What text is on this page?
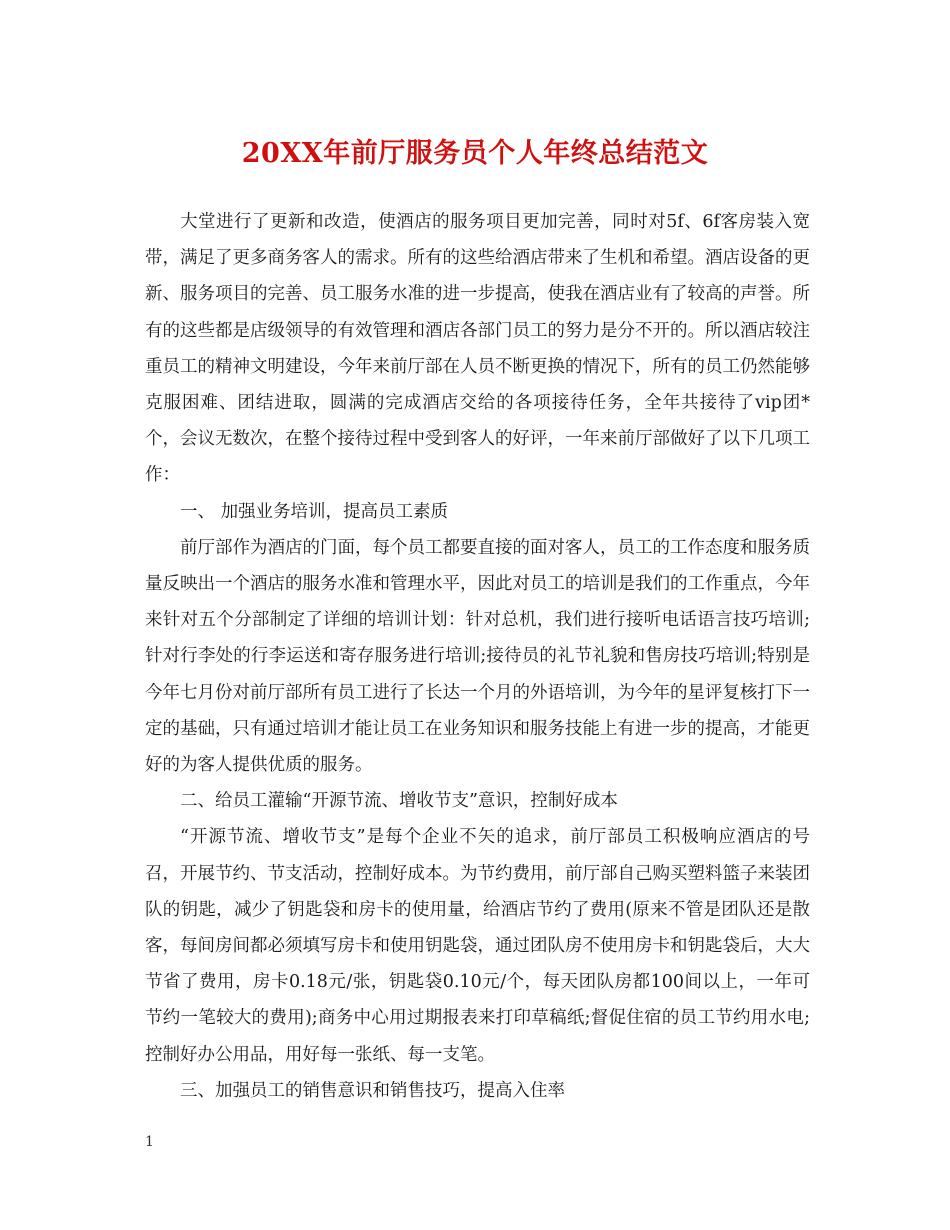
20XX年前厅服务员个人年终总结范文

大堂进行了更新和改造，使酒店的服务项目更加完善，同时对5f、6f客房装入宽带，满足了更多商务客人的需求。所有的这些给酒店带来了生机和希望。酒店设备的更新、服务项目的完善、员工服务水准的进一步提高，使我在酒店业有了较高的声誉。所有的这些都是店级领导的有效管理和酒店各部门员工的努力是分不开的。所以酒店较注重员工的精神文明建设，今年来前厅部在人员不断更换的情况下，所有的员工仍然能够克服困难、团结进取，圆满的完成酒店交给的各项接待任务，全年共接待了vip团*个，会议无数次，在整个接待过程中受到客人的好评，一年来前厅部做好了以下几项工作：

一、 加强业务培训，提高员工素质

前厅部作为酒店的门面，每个员工都要直接的面对客人，员工的工作态度和服务质量反映出一个酒店的服务水准和管理水平，因此对员工的培训是我们的工作重点，今年来针对五个分部制定了详细的培训计划：针对总机，我们进行接听电话语言技巧培训;针对行李处的行李运送和寄存服务进行培训;接待员的礼节礼貌和售房技巧培训;特别是今年七月份对前厅部所有员工进行了长达一个月的外语培训，为今年的星评复核打下一定的基础，只有通过培训才能让员工在业务知识和服务技能上有进一步的提高，才能更好的为客人提供优质的服务。

二、给员工灌输“开源节流、增收节支”意识，控制好成本

“开源节流、增收节支”是每个企业不矢的追求，前厅部员工积极响应酒店的号召，开展节约、节支活动，控制好成本。为节约费用，前厅部自己购买塑料篮子来装团队的钥匙，减少了钥匙袋和房卡的使用量，给酒店节约了费用(原来不管是团队还是散客，每间房间都必须填写房卡和使用钥匙袋，通过团队房不使用房卡和钥匙袋后，大大节省了费用，房卡0.18元/张，钥匙袋0.10元/个，每天团队房都100间以上，一年可节约一笔较大的费用);商务中心用过期报表来打印草稿纸;督促住宿的员工节约用水电;控制好办公用品，用好每一张纸、每一支笔。

三、加强员工的销售意识和销售技巧，提高入住率

1
